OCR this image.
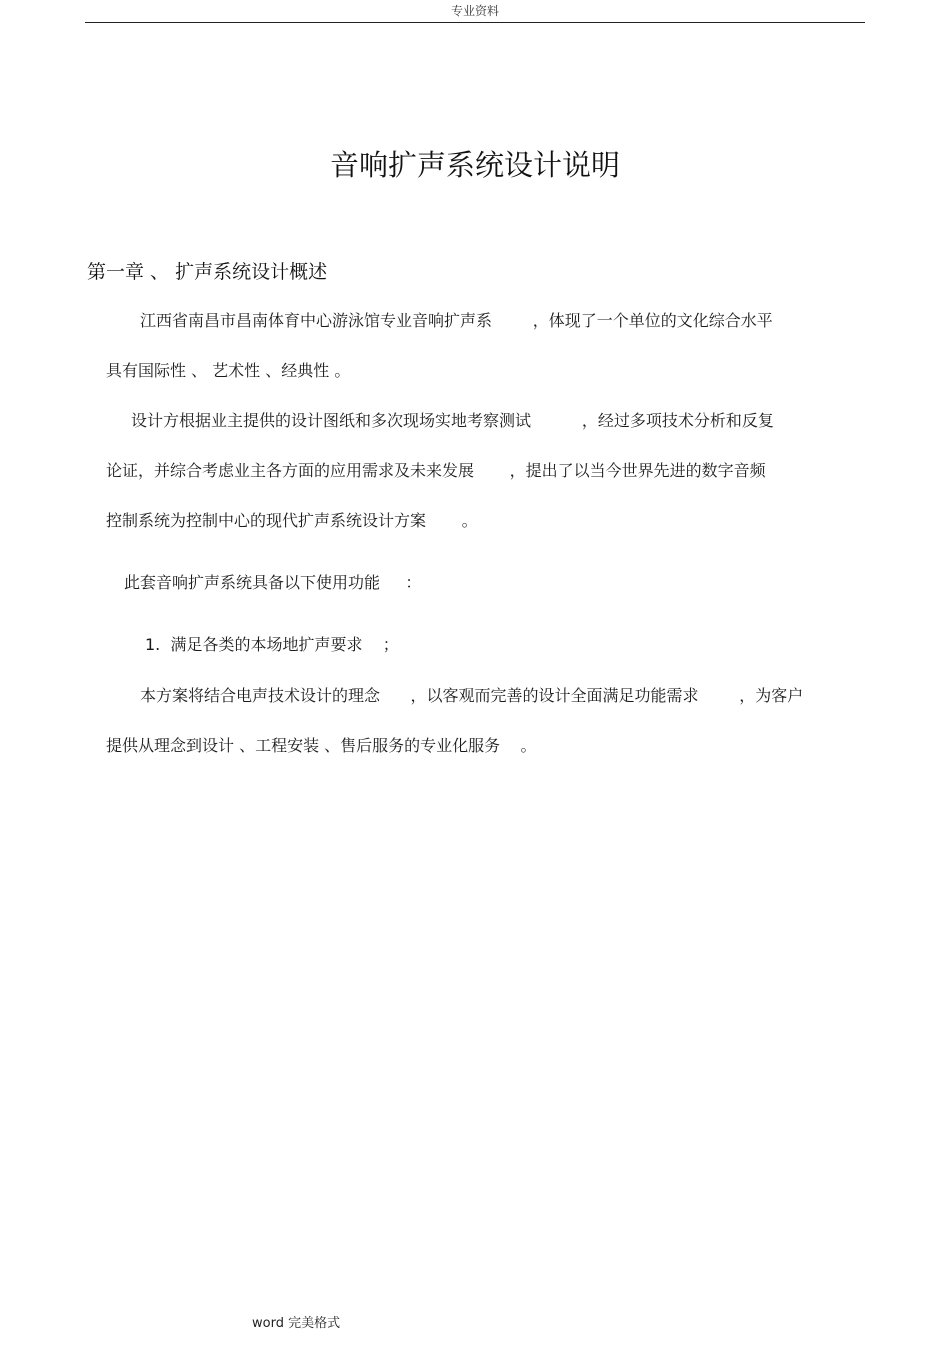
专业资料
音响扩声系统设计说明
第一章 、 扩声系统设计概述
江西省南昌市昌南体育中心游泳馆专业音响扩声系        ，体现了一个单位的文化综合水平
具有国际性 、 艺术性 、经典性 。
设计方根据业主提供的设计图纸和多次现场实地考察测试          ，经过多项技术分析和反复
论证，并综合考虑业主各方面的应用需求及未来发展       ，提出了以当今世界先进的数字音频
控制系统为控制中心的现代扩声系统设计方案       。
此套音响扩声系统具备以下使用功能     ：
1.  满足各类的本场地扩声要求    ；
本方案将结合电声技术设计的理念      ，以客观而完善的设计全面满足功能需求        ，为客户
提供从理念到设计 、工程安装 、售后服务的专业化服务    。
word 完美格式
